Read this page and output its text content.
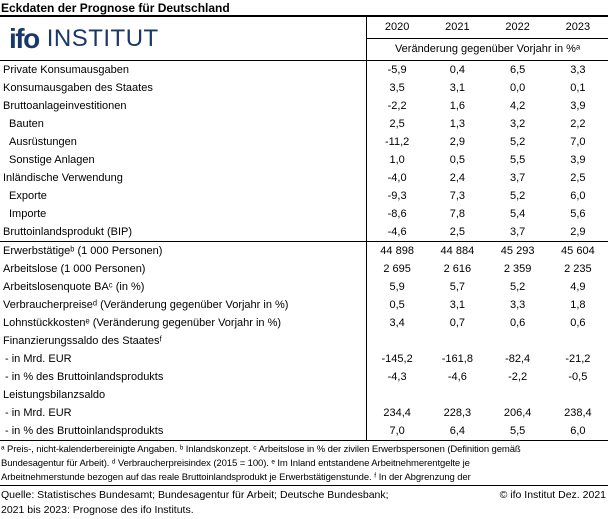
Eckdaten der Prognose für Deutschland
ifo INSTITUT	2020	2021	2022	2023
Veränderung gegenüber Vorjahr in %ᵃ
Private Konsumausgaben	-5,9	0,4	6,5	3,3
Konsumausgaben des Staates	3,5	3,1	0,0	0,1
Bruttoanlageinvestitionen	-2,2	1,6	4,2	3,9
Bauten	2,5	1,3	3,2	2,2
Ausrüstungen	-11,2	2,9	5,2	7,0
Sonstige Anlagen	1,0	0,5	5,5	3,9
Inländische Verwendung	-4,0	2,4	3,7	2,5
Exporte	-9,3	7,3	5,2	6,0
Importe	-8,6	7,8	5,4	5,6
Bruttoinlandsprodukt (BIP)	-4,6	2,5	3,7	2,9
Erwerbstätigeᵇ (1 000 Personen)	44 898	44 884	45 293	45 604
Arbeitslose (1 000 Personen)	2 695	2 616	2 359	2 235
Arbeitslosenquote BAᶜ (in %)	5,9	5,7	5,2	4,9
Verbraucherpreiseᵈ (Veränderung gegenüber Vorjahr in %)	0,5	3,1	3,3	1,8
Lohnstückkostenᵉ (Veränderung gegenüber Vorjahr in %)	3,4	0,7	0,6	0,6
Finanzierungssaldo des Staatesᶠ
- in Mrd. EUR	-145,2	-161,8	-82,4	-21,2
- in % des Bruttoinlandsprodukts	-4,3	-4,6	-2,2	-0,5
Leistungsbilanzsaldo
- in Mrd. EUR	234,4	228,3	206,4	238,4
- in % des Bruttoinlandsprodukts	7,0	6,4	5,5	6,0
ᵃ Preis-, nicht-kalenderbereinigte Angaben. ᵇ Inlandskonzept. ᶜ Arbeitslose in % der zivilen Erwerbspersonen (Definition gemäß
Bundesagentur für Arbeit). ᵈ Verbraucherpreisindex (2015 = 100). ᵉ Im Inland entstandene Arbeitnehmerentgelte je
Arbeitnehmerstunde bezogen auf das reale Bruttoinlandsprodukt je Erwerbstätigenstunde. ᶠ In der Abgrenzung der
Quelle: Statistisches Bundesamt; Bundesagentur für Arbeit; Deutsche Bundesbank;	© ifo Institut Dez. 2021
2021 bis 2023: Prognose des ifo Instituts.
